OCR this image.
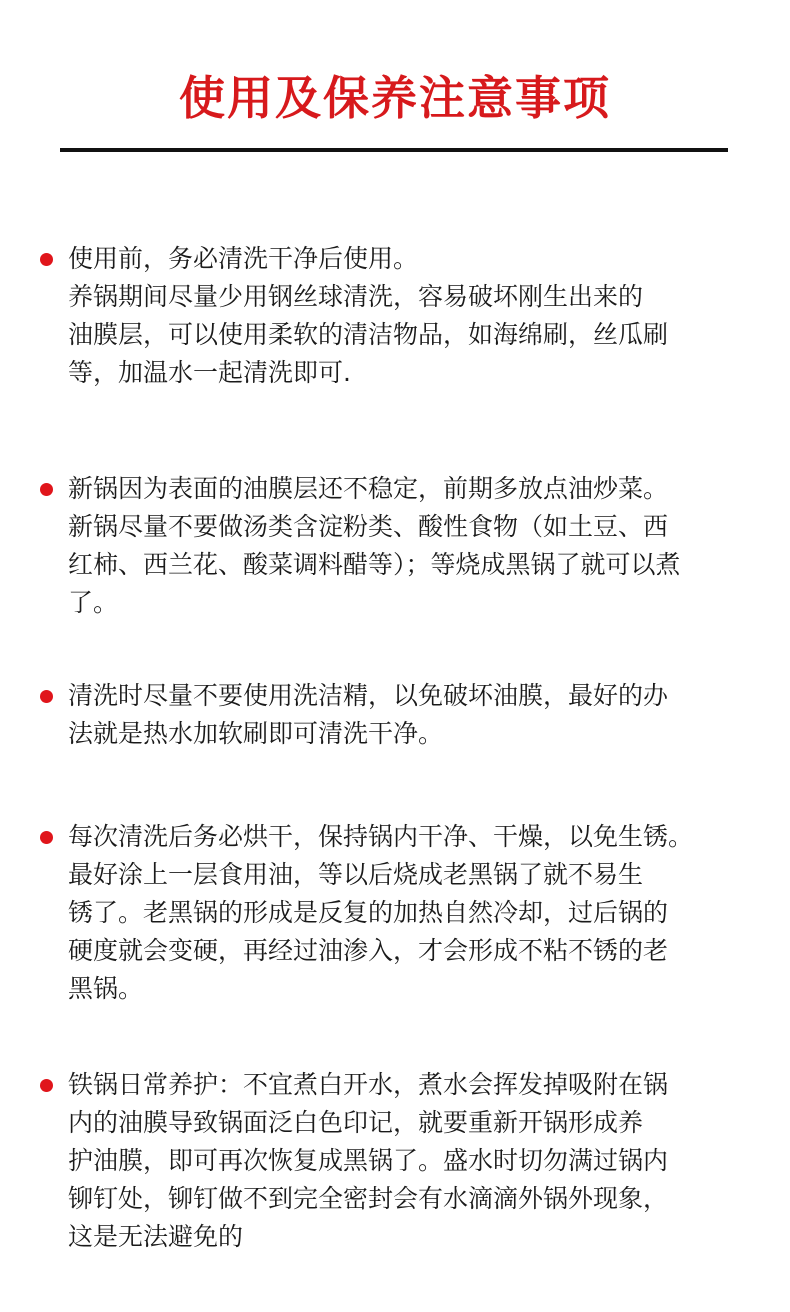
使用及保养注意事项
使用前，务必清洗干净后使用。
养锅期间尽量少用钢丝球清洗，容易破坏刚生出来的
油膜层，可以使用柔软的清洁物品，如海绵刷，丝瓜刷
等，加温水一起清洗即可.
新锅因为表面的油膜层还不稳定，前期多放点油炒菜。
新锅尽量不要做汤类含淀粉类、酸性食物（如土豆、西
红柿、西兰花、酸菜调料醋等）；等烧成黑锅了就可以煮
了。
清洗时尽量不要使用洗洁精，以免破坏油膜，最好的办
法就是热水加软刷即可清洗干净。
每次清洗后务必烘干，保持锅内干净、干燥，以免生锈。
最好涂上一层食用油，等以后烧成老黑锅了就不易生
锈了。老黑锅的形成是反复的加热自然冷却，过后锅的
硬度就会变硬，再经过油渗入，才会形成不粘不锈的老
黑锅。
铁锅日常养护：不宜煮白开水，煮水会挥发掉吸附在锅
内的油膜导致锅面泛白色印记，就要重新开锅形成养
护油膜，即可再次恢复成黑锅了。盛水时切勿满过锅内
铆钉处，铆钉做不到完全密封会有水滴滴外锅外现象，
这是无法避免的
